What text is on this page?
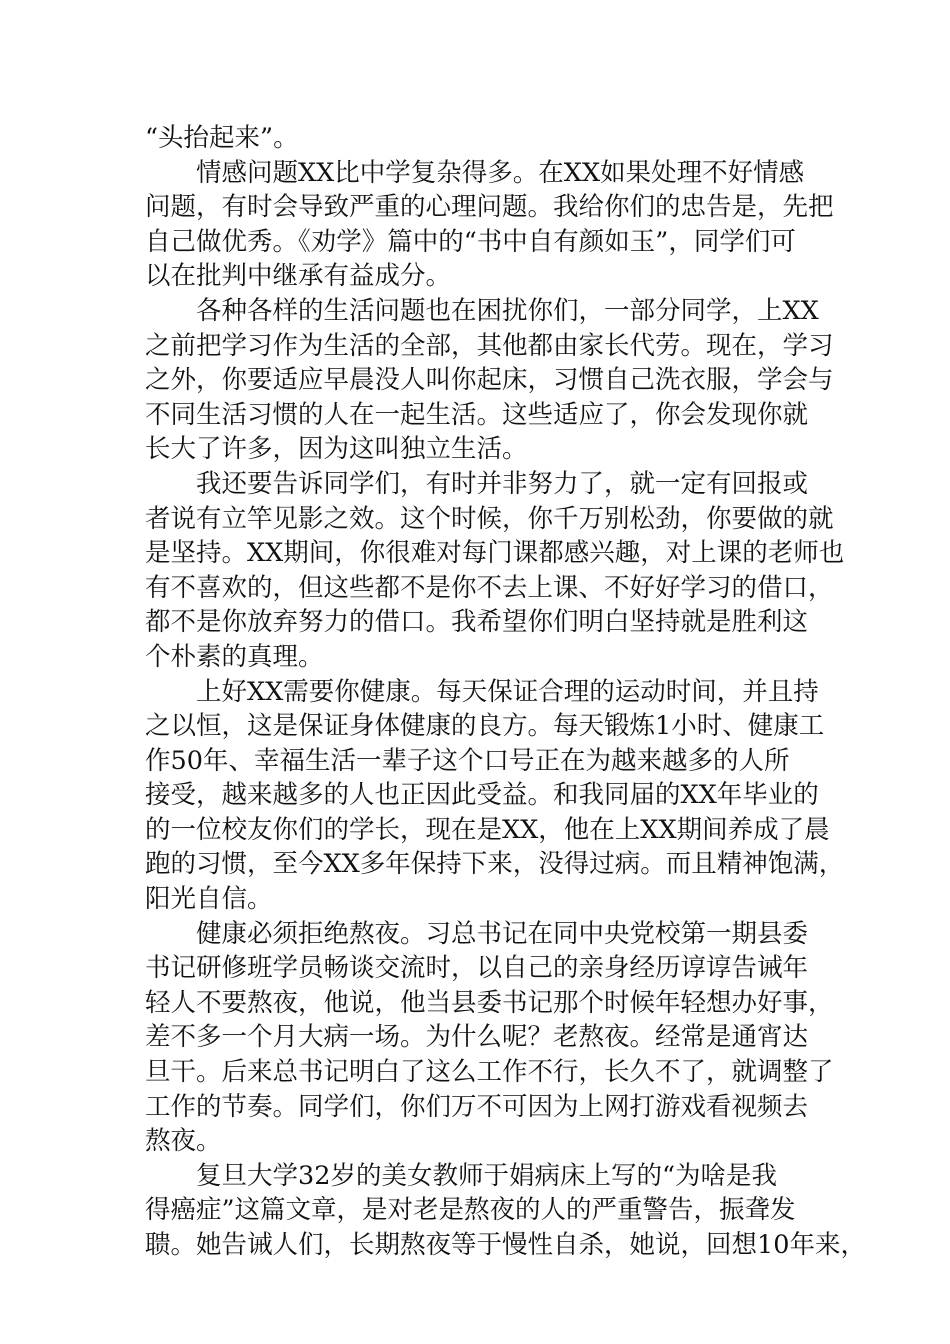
“头抬起来”。
情感问题XX比中学复杂得多。在XX如果处理不好情感
问题，有时会导致严重的心理问题。我给你们的忠告是，先把
自己做优秀。《劝学》篇中的“书中自有颜如玉”，同学们可
以在批判中继承有益成分。
各种各样的生活问题也在困扰你们，一部分同学，上XX
之前把学习作为生活的全部，其他都由家长代劳。现在，学习
之外，你要适应早晨没人叫你起床，习惯自己洗衣服，学会与
不同生活习惯的人在一起生活。这些适应了，你会发现你就
长大了许多，因为这叫独立生活。
我还要告诉同学们，有时并非努力了，就一定有回报或
者说有立竿见影之效。这个时候，你千万别松劲，你要做的就
是坚持。XX期间，你很难对每门课都感兴趣，对上课的老师也
有不喜欢的，但这些都不是你不去上课、不好好学习的借口，
都不是你放弃努力的借口。我希望你们明白坚持就是胜利这
个朴素的真理。
上好XX需要你健康。每天保证合理的运动时间，并且持
之以恒，这是保证身体健康的良方。每天锻炼1小时、健康工
作50年、幸福生活一辈子这个口号正在为越来越多的人所
接受，越来越多的人也正因此受益。和我同届的XX年毕业的
的一位校友你们的学长，现在是XX，他在上XX期间养成了晨
跑的习惯，至今XX多年保持下来，没得过病。而且精神饱满，
阳光自信。
健康必须拒绝熬夜。习总书记在同中央党校第一期县委
书记研修班学员畅谈交流时，以自己的亲身经历谆谆告诫年
轻人不要熬夜，他说，他当县委书记那个时候年轻想办好事，
差不多一个月大病一场。为什么呢？老熬夜。经常是通宵达
旦干。后来总书记明白了这么工作不行，长久不了，就调整了
工作的节奏。同学们，你们万不可因为上网打游戏看视频去
熬夜。
复旦大学32岁的美女教师于娟病床上写的“为啥是我
得癌症”这篇文章，是对老是熬夜的人的严重警告，振聋发
聩。她告诫人们，长期熬夜等于慢性自杀，她说，回想10年来，
